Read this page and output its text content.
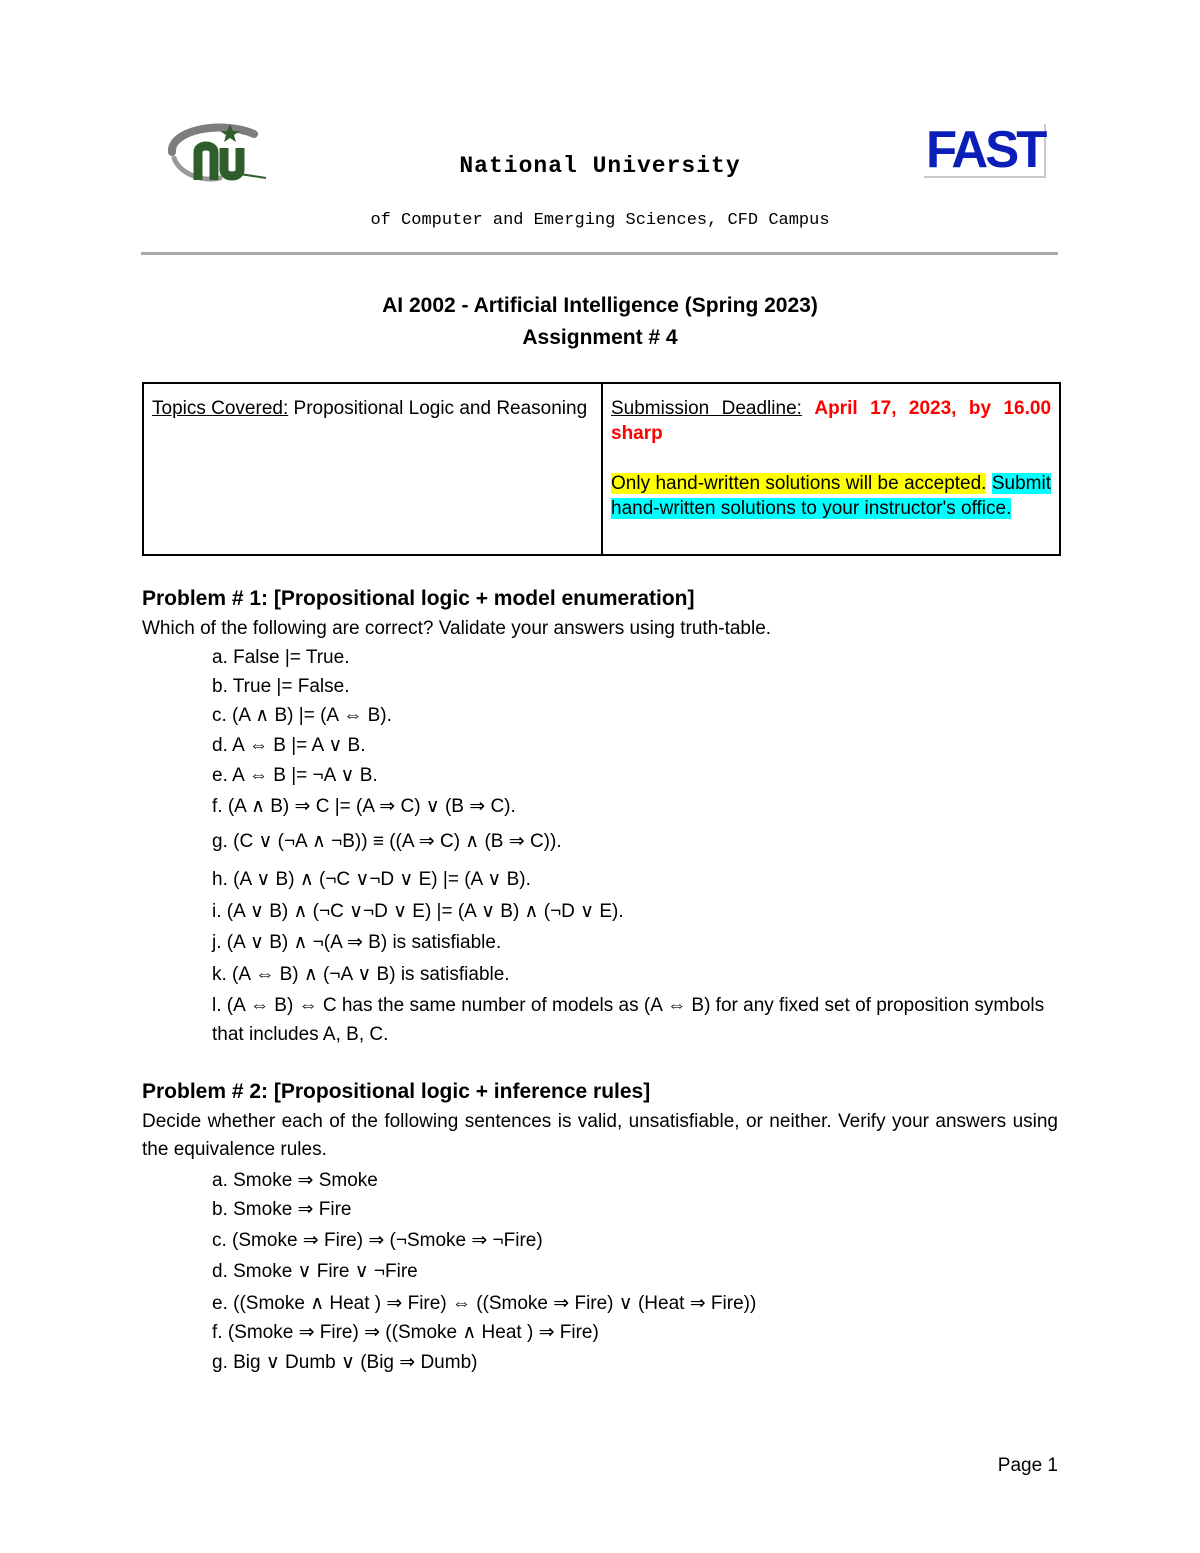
FAST
National University
of Computer and Emerging Sciences, CFD Campus
AI 2002 - Artificial Intelligence (Spring 2023)
Assignment # 4
Topics Covered: Propositional Logic and Reasoning Submission Deadline: April 17, 2023, by 16.00 sharp
Only hand-written solutions will be accepted. Submit hand-written solutions to your instructor's office.
Problem # 1: [Propositional logic + model enumeration]
Which of the following are correct? Validate your answers using truth-table.
a. False |= True.
b. True |= False.
c. (A ∧ B) |= (A ⇔ B).
d. A ⇔ B |= A ∨ B.
e. A ⇔ B |= ¬A ∨ B.
f. (A ∧ B) ⇒ C |= (A ⇒ C) ∨ (B ⇒ C).
g. (C ∨ (¬A ∧ ¬B)) ≡ ((A ⇒ C) ∧ (B ⇒ C)).
h. (A ∨ B) ∧ (¬C ∨¬D ∨ E) |= (A ∨ B).
i. (A ∨ B) ∧ (¬C ∨¬D ∨ E) |= (A ∨ B) ∧ (¬D ∨ E).
j. (A ∨ B) ∧ ¬(A ⇒ B) is satisfiable.
k. (A ⇔ B) ∧ (¬A ∨ B) is satisfiable.
l. (A ⇔ B) ⇔ C has the same number of models as (A ⇔ B) for any fixed set of proposition symbols that includes A, B, C.
Problem # 2: [Propositional logic + inference rules]
Decide whether each of the following sentences is valid, unsatisfiable, or neither. Verify your answers using the equivalence rules.
a. Smoke ⇒ Smoke
b. Smoke ⇒ Fire
c. (Smoke ⇒ Fire) ⇒ (¬Smoke ⇒ ¬Fire)
d. Smoke ∨ Fire ∨ ¬Fire
e. ((Smoke ∧ Heat ) ⇒ Fire) ⇔ ((Smoke ⇒ Fire) ∨ (Heat ⇒ Fire))
f. (Smoke ⇒ Fire) ⇒ ((Smoke ∧ Heat ) ⇒ Fire)
g. Big ∨ Dumb ∨ (Big ⇒ Dumb)
Page 1
